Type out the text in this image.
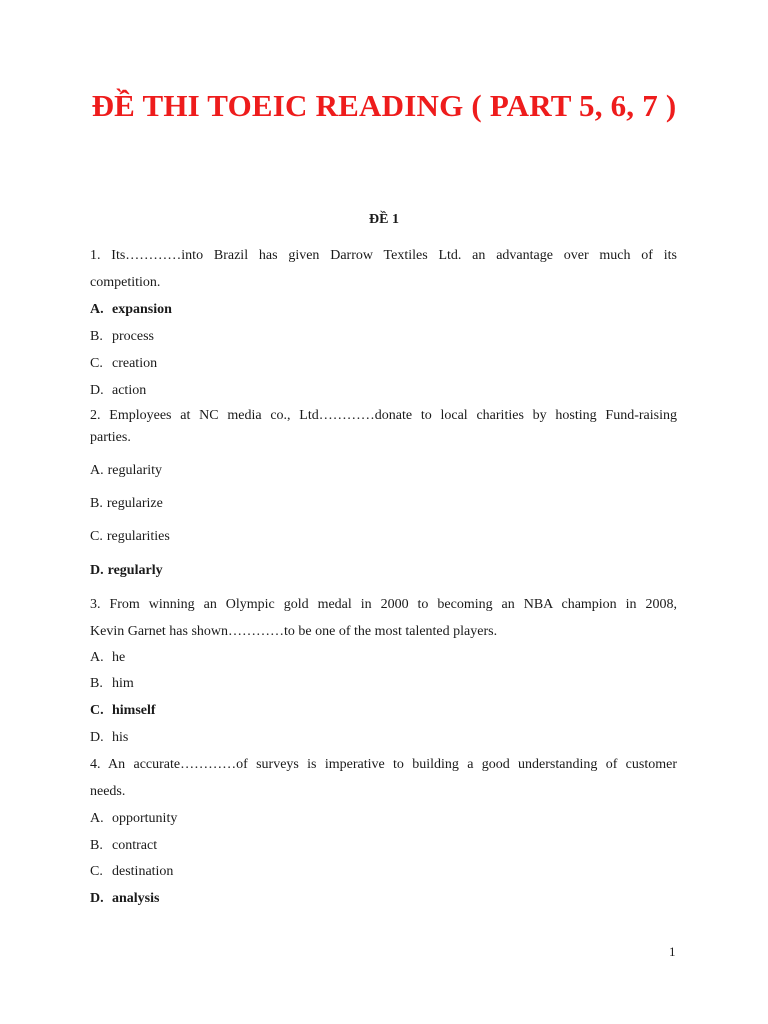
ĐỀ THI TOEIC READING ( PART 5, 6, 7 )

ĐỀ 1

1. Its…………into Brazil has given Darrow Textiles Ltd. an advantage over much of its

competition.

A. expansion

B. process

C. creation

D. action

2. Employees at NC media co., Ltd…………donate to local charities by hosting Fund-raising

parties.

A. regularity

B. regularize

C. regularities

D. regularly

3. From winning an Olympic gold medal in 2000 to becoming an NBA champion in 2008,

Kevin Garnet has shown…………to be one of the most talented players.

A. he

B. him

C. himself

D. his

4. An accurate…………of surveys is imperative to building a good understanding of customer

needs.

A. opportunity

B. contract

C. destination

D. analysis

1
